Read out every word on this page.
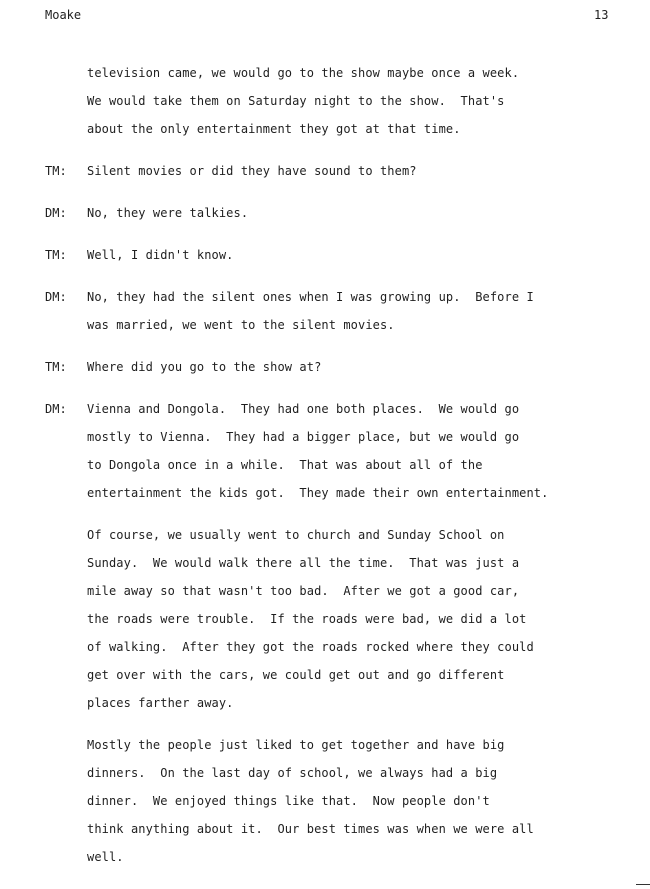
Moake	13
television came, we would go to the show maybe once a week.
We would take them on Saturday night to the show.  That's
about the only entertainment they got at that time.
TM: Silent movies or did they have sound to them?
DM: No, they were talkies.
TM: Well, I didn't know.
DM: No, they had the silent ones when I was growing up.  Before I
was married, we went to the silent movies.
TM: Where did you go to the show at?
DM: Vienna and Dongola.  They had one both places.  We would go
mostly to Vienna.  They had a bigger place, but we would go
to Dongola once in a while.  That was about all of the
entertainment the kids got.  They made their own entertainment.
Of course, we usually went to church and Sunday School on
Sunday.  We would walk there all the time.  That was just a
mile away so that wasn't too bad.  After we got a good car,
the roads were trouble.  If the roads were bad, we did a lot
of walking.  After they got the roads rocked where they could
get over with the cars, we could get out and go different
places farther away.
Mostly the people just liked to get together and have big
dinners.  On the last day of school, we always had a big
dinner.  We enjoyed things like that.  Now people don't
think anything about it.  Our best times was when we were all
well.
